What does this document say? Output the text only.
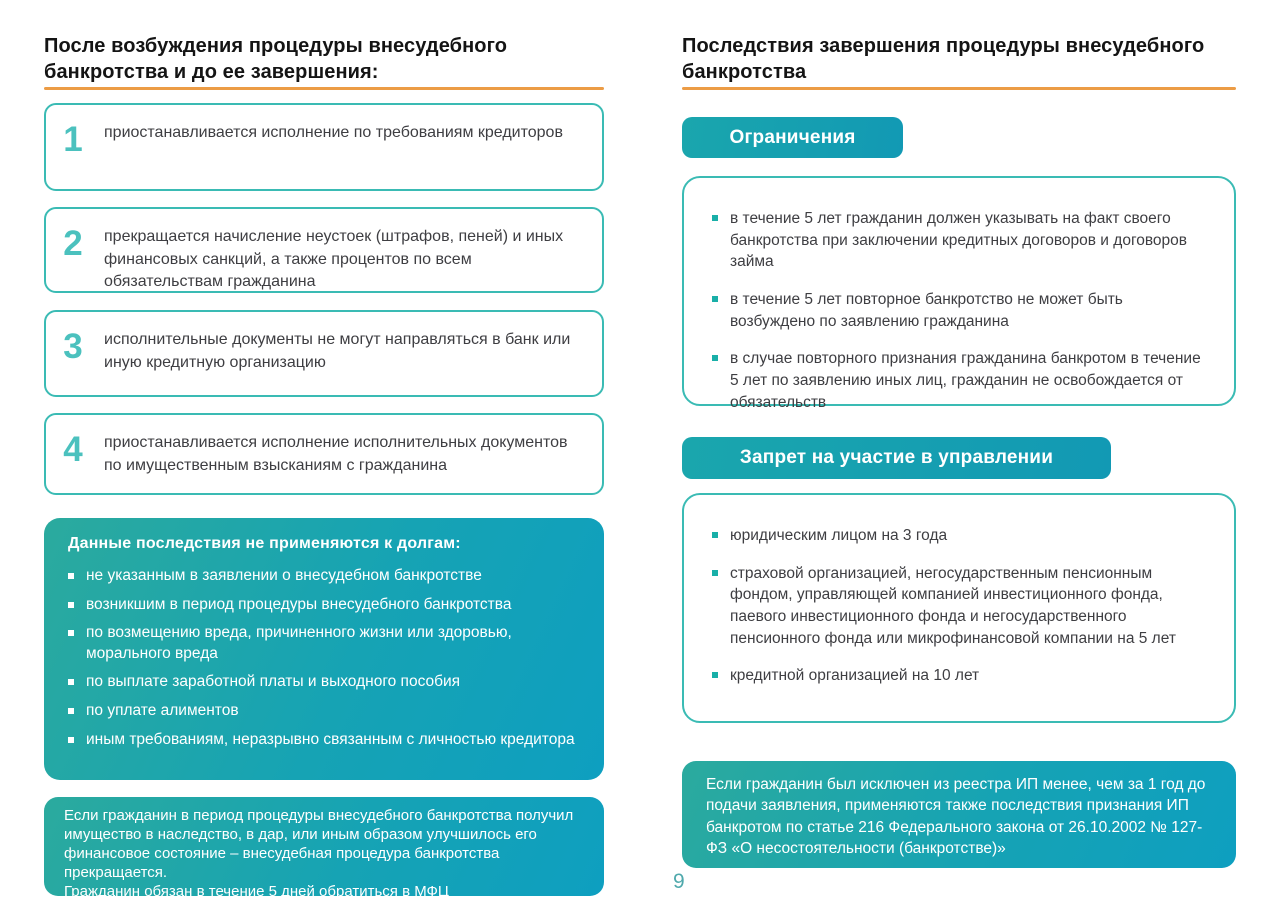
После возбуждения процедуры внесудебного банкротства и до ее завершения:
1	приостанавливается исполнение по требованиям кредиторов
2	прекращается начисление неустоек (штрафов, пеней) и иных финансовых санкций, а также процентов по всем обязательствам гражданина
3	исполнительные документы не могут направляться в банк или иную кредитную организацию
4	приостанавливается исполнение исполнительных документов по имущественным взысканиям с гражданина

Данные последствия не применяются к долгам:

не указанным в заявлении о внесудебном банкротстве
возникшим в период процедуры внесудебного банкротства
по возмещению вреда, причиненного жизни или здоровью, морального вреда
по выплате заработной платы и выходного пособия
по уплате алиментов
иным требованиям, неразрывно связанным с личностью кредитора

Если гражданин в период процедуры внесудебного банкротства получил имущество в наследство, в дар, или иным образом улучшилось его финансовое состояние – внесудебная процедура банкротства прекращается.

Гражданин обязан в течение 5 дней обратиться в МФЦ

Последствия завершения процедуры внесудебного банкротства
Ограничения
в течение 5 лет гражданин должен указывать на факт своего банкротства при заключении кредитных договоров и договоров займа
в течение 5 лет повторное банкротство не может быть возбуждено по заявлению гражданина
в случае повторного признания гражданина банкротом в течение 5 лет по заявлению иных лиц, гражданин не освобождается от обязательств
Запрет на участие в управлении
юридическим лицом на 3 года
страховой организацией, негосударственным пенсионным фондом, управляющей компанией инвестиционного фонда, паевого инвестиционного фонда и негосударственного пенсионного фонда или микрофинансовой компании на 5 лет
кредитной организацией на 10 лет

Если гражданин был исключен из реестра ИП менее, чем за 1 год до подачи заявления, применяются также последствия признания ИП банкротом по статье 216 Федерального закона от 26.10.2002 № 127-ФЗ «О несостоятельности (банкротстве)»

9
